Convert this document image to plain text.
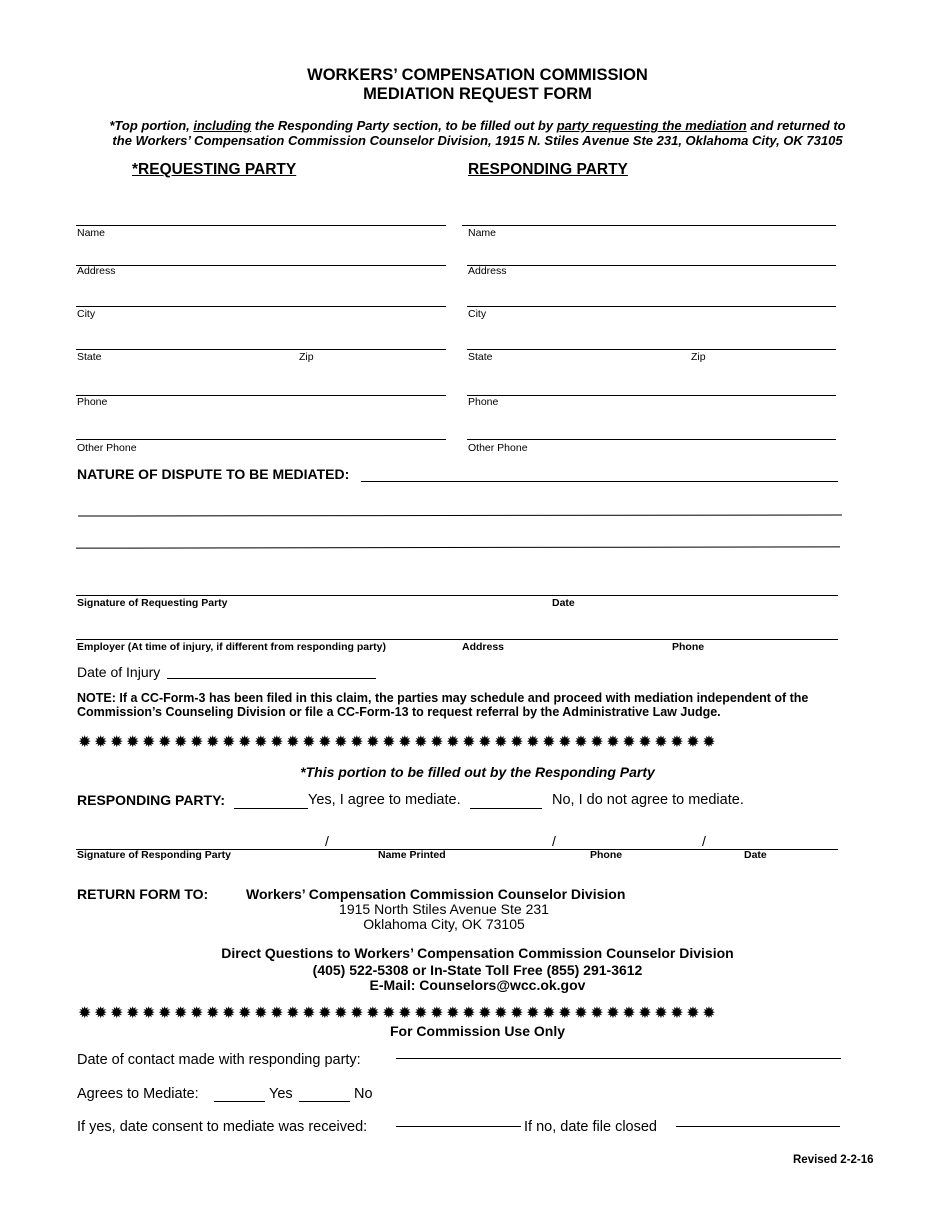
WORKERS’ COMPENSATION COMMISSION
MEDIATION REQUEST FORM
*Top portion, including the Responding Party section, to be filled out by party requesting the mediation and returned to
the Workers’ Compensation Commission Counselor Division, 1915 N. Stiles Avenue Ste 231, Oklahoma City, OK 73105
*REQUESTING PARTY	RESPONDING PARTY
Name
Address
City
State	Zip
Phone
Other Phone
Name
Address
City
State	Zip
Phone
Other Phone
NATURE OF DISPUTE TO BE MEDIATED:
Signature of Requesting Party	Date
Employer (At time of injury, if different from responding party)	Address	Phone
Date of Injury
NOTE: If a CC-Form-3 has been filed in this claim, the parties may schedule and proceed with mediation independent of the Commission’s Counseling Division or file a CC-Form-13 to request referral by the Administrative Law Judge.
✹✹✹✹✹✹✹✹✹✹✹✹✹✹✹✹✹✹✹✹✹✹✹✹✹✹✹✹✹✹✹✹✹✹✹✹✹✹✹✹
*This portion to be filled out by the Responding Party
RESPONDING PARTY:	Yes, I agree to mediate.	No, I do not agree to mediate.
/	/	/
Signature of Responding Party	Name Printed	Phone	Date
RETURN FORM TO:	Workers’ Compensation Commission Counselor Division
1915 North Stiles Avenue Ste 231
Oklahoma City, OK 73105
Direct Questions to Workers’ Compensation Commission Counselor Division
(405) 522-5308 or In-State Toll Free (855) 291-3612
E-Mail: Counselors@wcc.ok.gov
✹✹✹✹✹✹✹✹✹✹✹✹✹✹✹✹✹✹✹✹✹✹✹✹✹✹✹✹✹✹✹✹✹✹✹✹✹✹✹✹
For Commission Use Only
Date of contact made with responding party:
Agrees to Mediate:	Yes	No
If yes, date consent to mediate was received:	If no, date file closed
Revised 2-2-16
